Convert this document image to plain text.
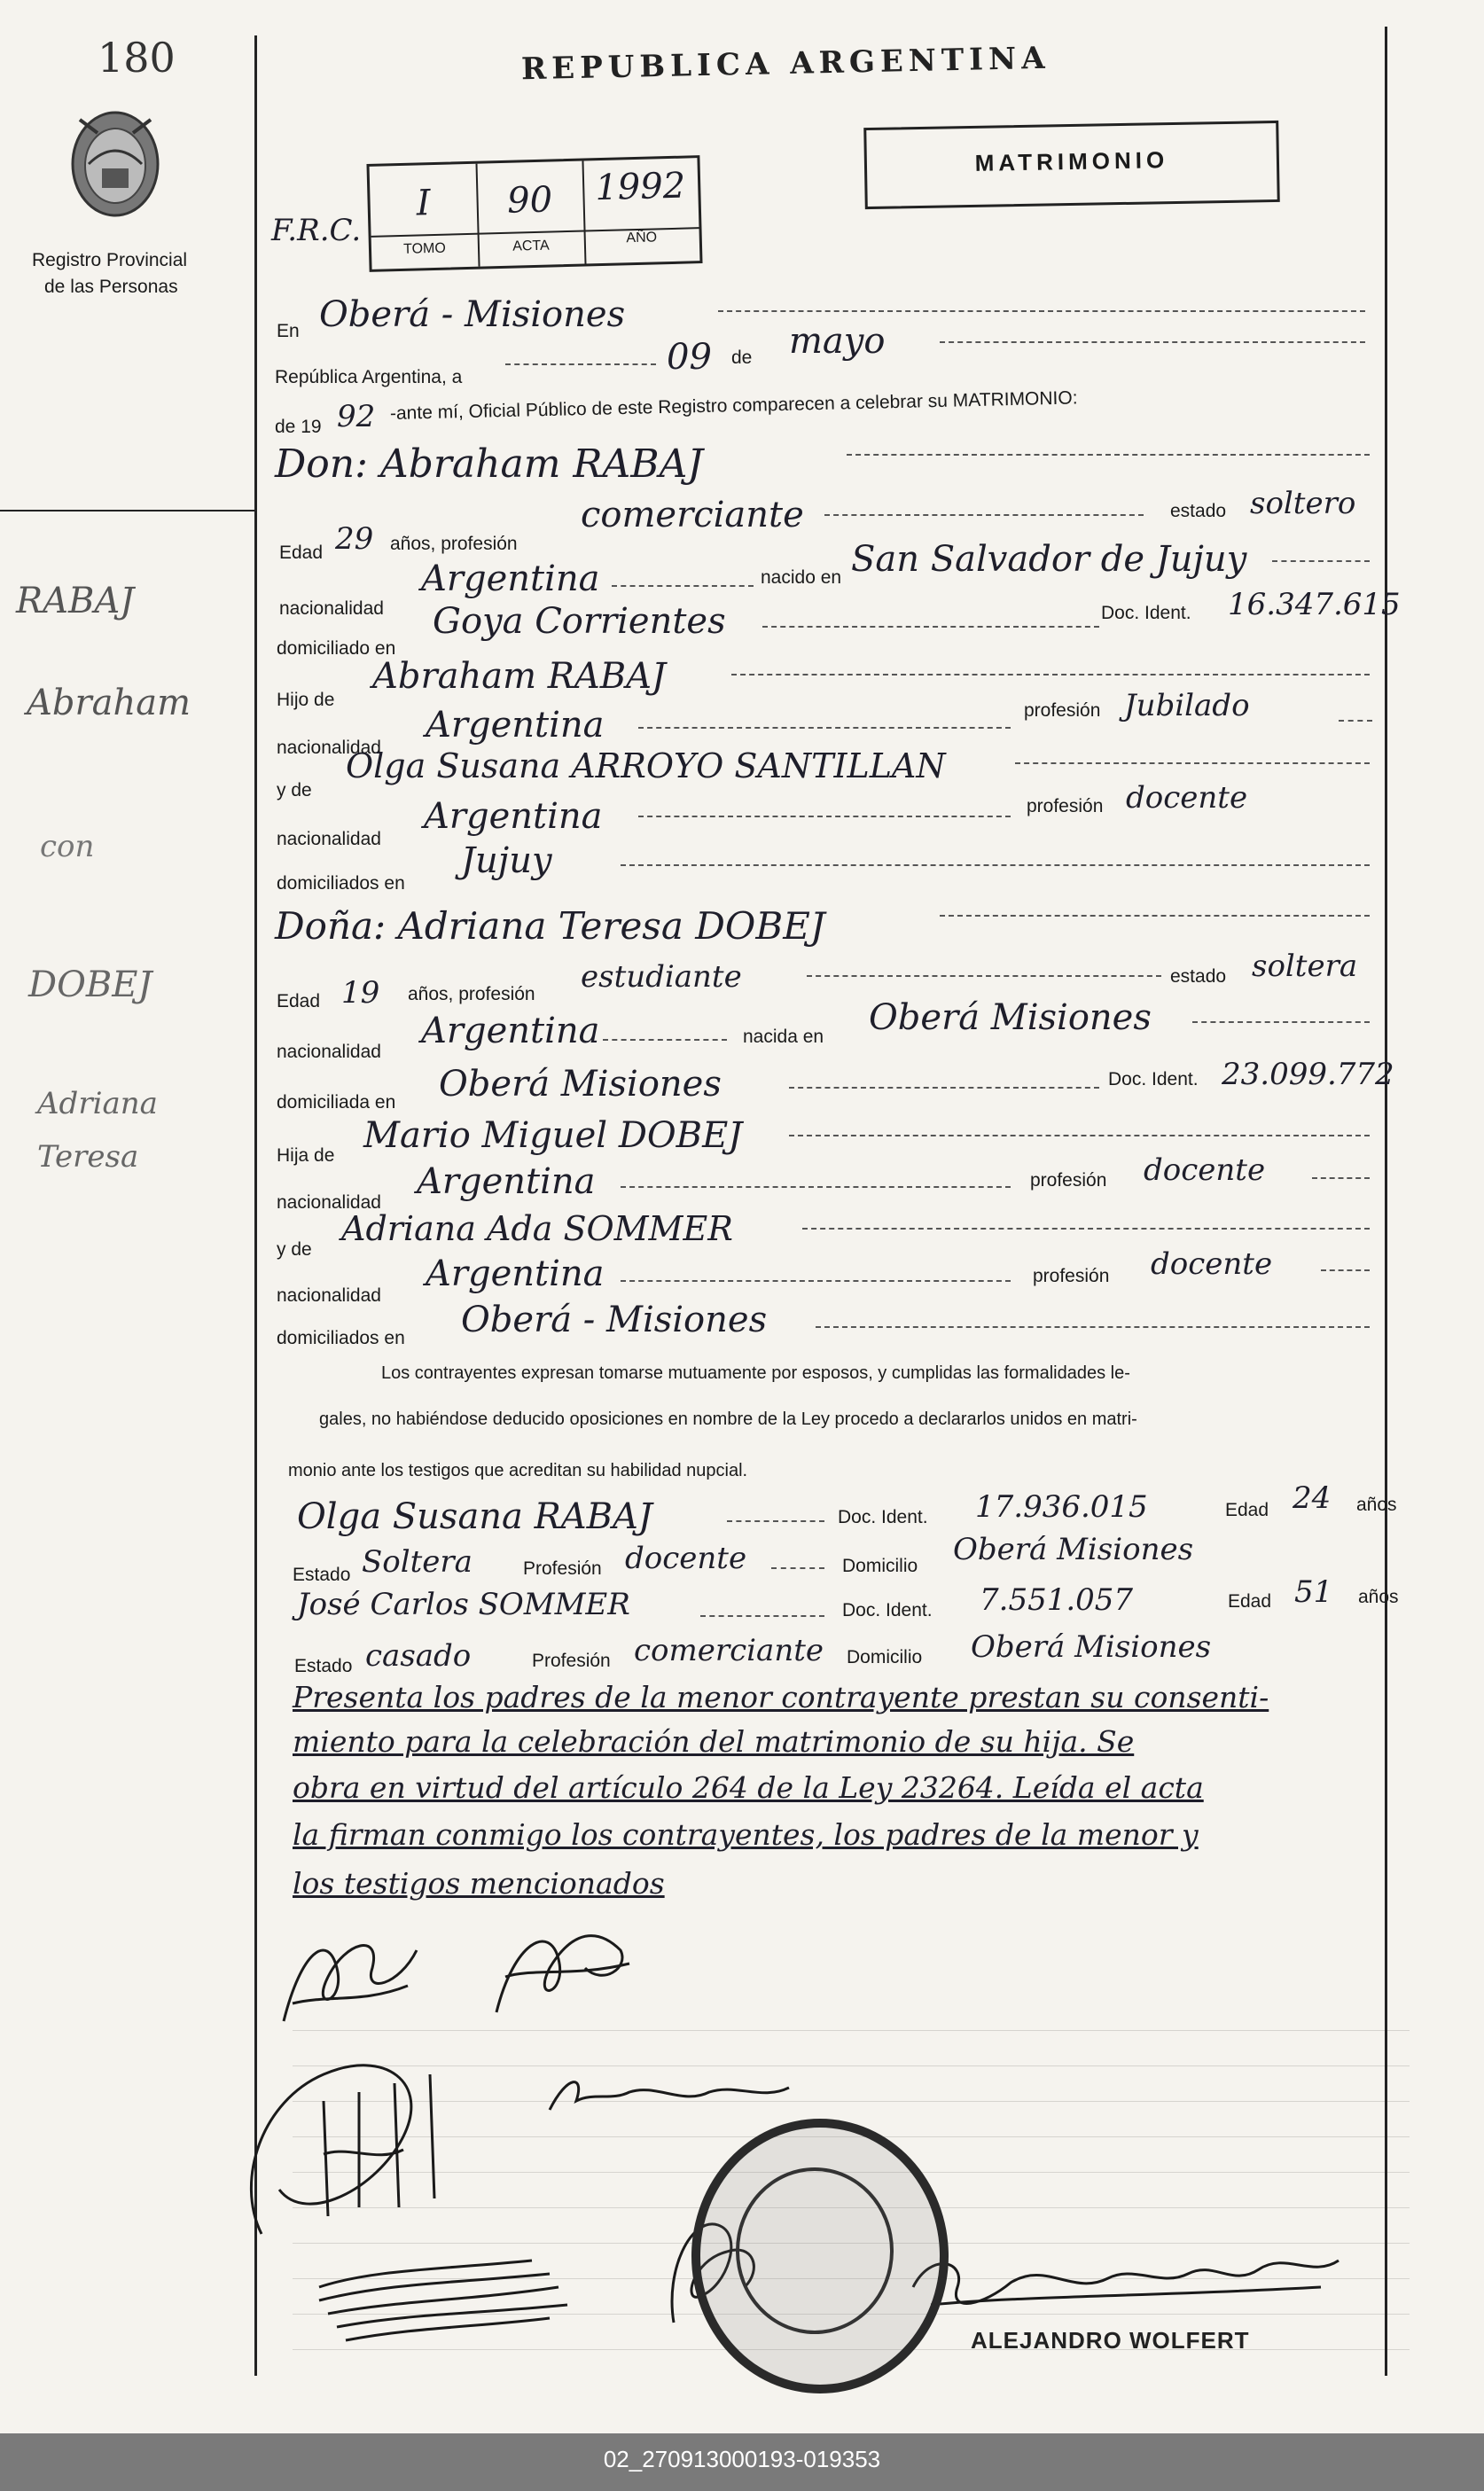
180
Registro Provincial
de las Personas
REPUBLICA ARGENTINA
MATRIMONIO
F.R.C.
I	90	1992
TOMO	ACTA
AÑO
En Oberá - Misiones
República Argentina, a	09 de mayo
de 19 92 -ante mí, Oficial Público de este Registro comparecen a celebrar su MATRIMONIO:
Don: Abraham RABAJ
Edad 29 años, profesión
comerciante	estado soltero
nacionalidad
Argentina	nacido en San Salvador de Jujuy
domiciliado en
Goya Corrientes	Doc. Ident. 16.347.615
Hijo de
Abraham RABAJ
nacionalidad
Argentina	profesión Jubilado
y de
Olga Susana ARROYO SANTILLAN
nacionalidad
Argentina	profesión docente
domiciliados en
Jujuy
Doña: Adriana Teresa DOBEJ
Edad 19 años, profesión estudiante	estado soltera
nacionalidad
Argentina	nacida en Oberá Misiones
domiciliada en Oberá Misiones	Doc. Ident. 23.099.772
Hija de Mario Miguel DOBEJ
nacionalidad
Argentina	profesión docente
y de
Adriana Ada SOMMER
nacionalidad
Argentina	profesión docente
domiciliados en Oberá - Misiones
RABAJ
Abraham
con
DOBEJ
Adriana
Teresa
Los contrayentes expresan tomarse mutuamente por esposos, y cumplidas las formalidades le-
gales, no habiéndose deducido oposiciones en nombre de la Ley procedo a declararlos unidos en matri-
monio ante los testigos que acreditan su habilidad nupcial.
Olga Susana RABAJ	Doc. Ident. 17.936.015	Edad 24 años
Estado Soltera	Profesión docente	Domicilio Oberá Misiones
José Carlos SOMMER	Doc. Ident. 7.551.057	Edad 51 años
Estado casado	Profesión comerciante Domicilio Oberá Misiones
Presenta los padres de la menor contrayente prestan su consenti-
miento para la celebración del matrimonio de su hija. Se
obra en virtud del artículo 264 de la Ley 23264. Leída el acta
la firman conmigo los contrayentes, los padres de la menor y
los testigos mencionados
ALEJANDRO WOLFERT
02_270913000193-019353
